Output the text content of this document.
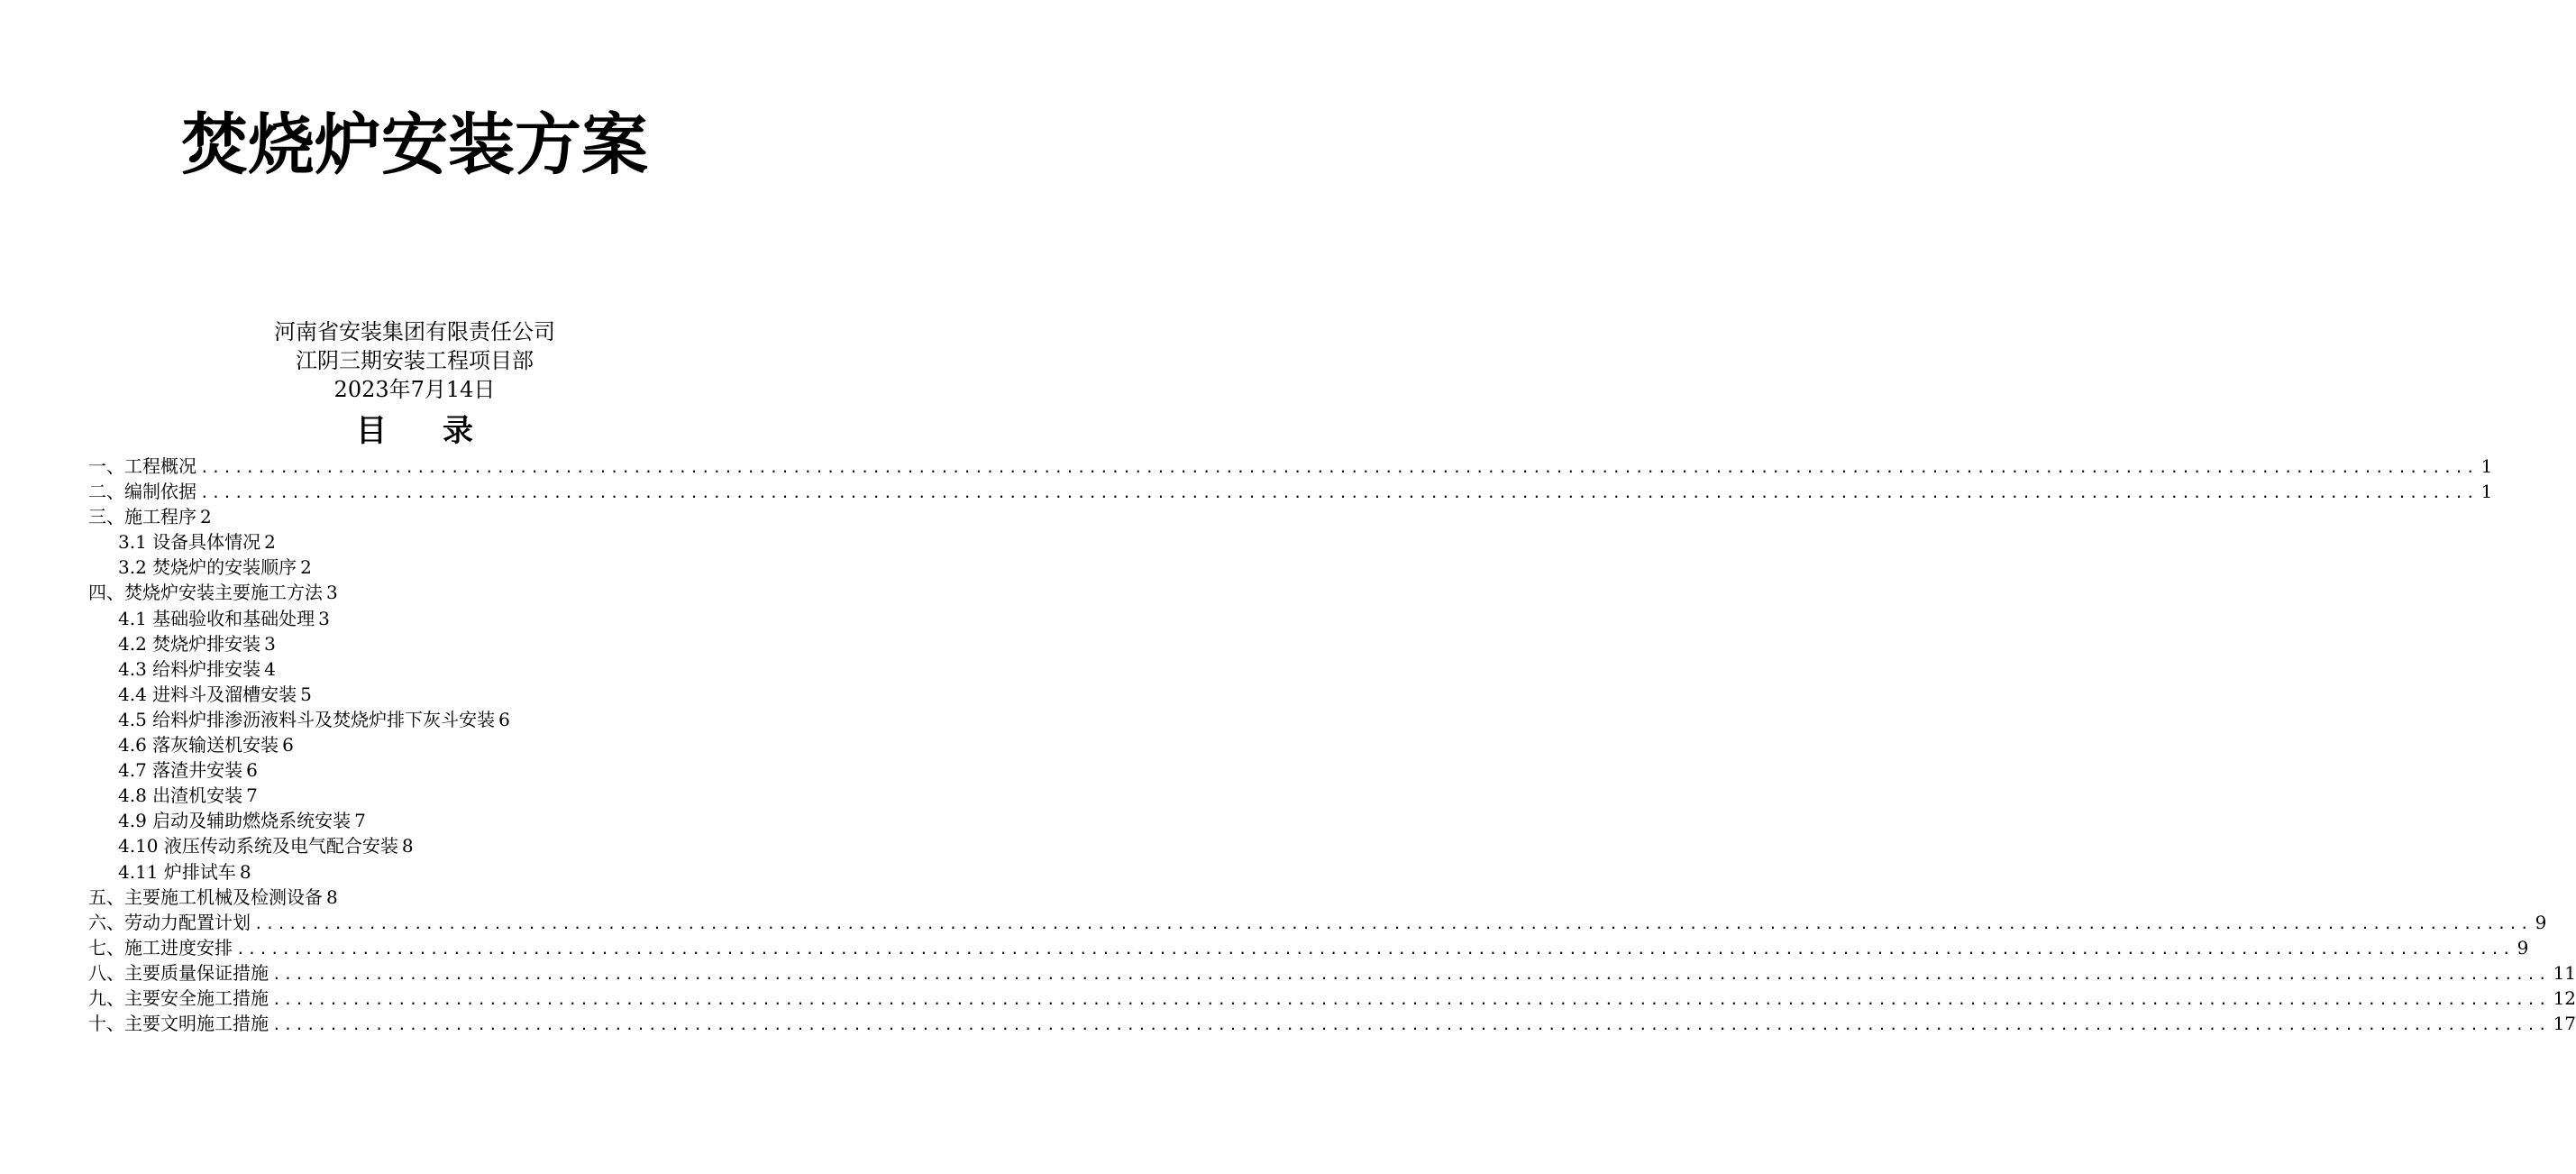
焚烧炉安装方案
河南省安装集团有限责任公司
江阴三期安装工程项目部
2023年7月14日
目 录
一、工程概况 ........................................................................................................................................................................................................ 1
二、编制依据 ........................................................................................................................................................................................................ 1
三、施工程序 2
3.1 设备具体情况 2
3.2 焚烧炉的安装顺序 2
四、焚烧炉安装主要施工方法 3
4.1 基础验收和基础处理 3
4.2 焚烧炉排安装 3
4.3 给料炉排安装 4
4.4 进料斗及溜槽安装 5
4.5 给料炉排渗沥液料斗及焚烧炉排下灰斗安装 6
4.6 落灰输送机安装 6
4.7 落渣井安装 6
4.8 出渣机安装 7
4.9 启动及辅助燃烧系统安装 7
4.10 液压传动系统及电气配合安装 8
4.11 炉排试车 8
五、主要施工机械及检测设备 8
六、劳动力配置计划 ........................................................................................................................................................................................................ 9
七、施工进度安排 ........................................................................................................................................................................................................ 9
八、主要质量保证措施 ........................................................................................................................................................................................................ 11
九、主要安全施工措施 ........................................................................................................................................................................................................ 12
十、主要文明施工措施 ........................................................................................................................................................................................................ 17
